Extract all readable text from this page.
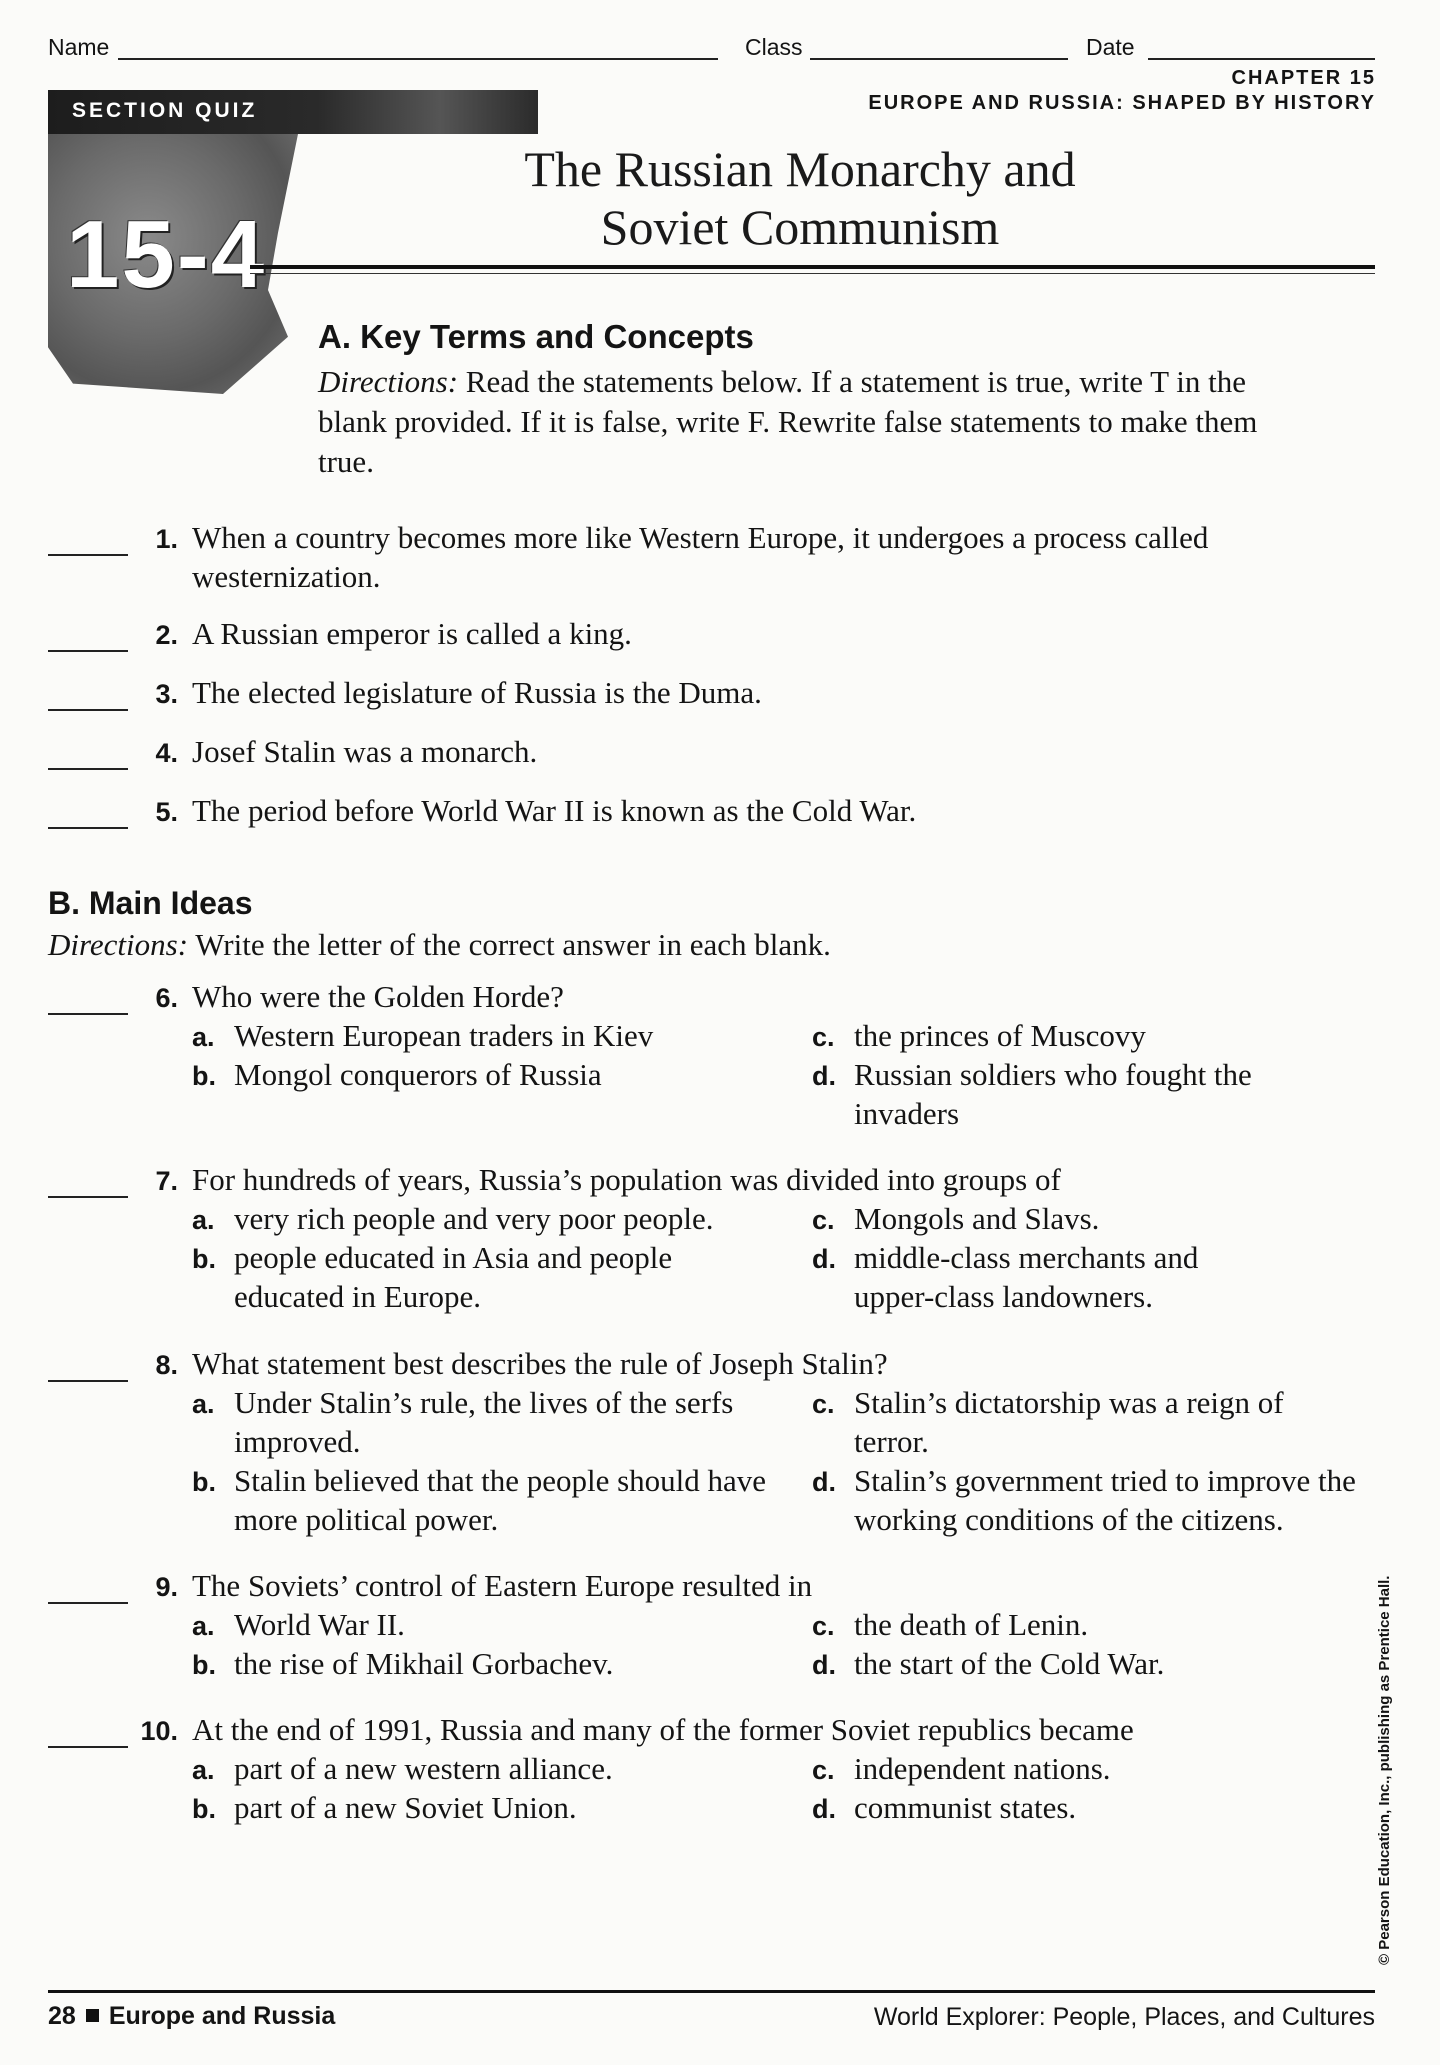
Name	Class	Date
CHAPTER 15
EUROPE AND RUSSIA: SHAPED BY HISTORY
SECTION QUIZ
15-4
The Russian Monarchy and
Soviet Communism
A. Key Terms and Concepts
Directions: Read the statements below. If a statement is true, write T in the blank provided. If it is false, write F. Rewrite false statements to make them true.
1. When a country becomes more like Western Europe, it undergoes a process called westernization.
2. A Russian emperor is called a king.
3. The elected legislature of Russia is the Duma.
4. Josef Stalin was a monarch.
5. The period before World War II is known as the Cold War.
B. Main Ideas
Directions: Write the letter of the correct answer in each blank.
6. Who were the Golden Horde?
a. Western European traders in Kiev
b. Mongol conquerors of Russia
c. the princes of Muscovy
d. Russian soldiers who fought the invaders
7. For hundreds of years, Russia’s population was divided into groups of
a. very rich people and very poor people.
b. people educated in Asia and people educated in Europe.
c. Mongols and Slavs.
d. middle-class merchants and upper-class landowners.
8. What statement best describes the rule of Joseph Stalin?
a. Under Stalin’s rule, the lives of the serfs improved.
b. Stalin believed that the people should have more political power.
c. Stalin’s dictatorship was a reign of terror.
d. Stalin’s government tried to improve the working conditions of the citizens.
9. The Soviets’ control of Eastern Europe resulted in
a. World War II.
b. the rise of Mikhail Gorbachev.
c. the death of Lenin.
d. the start of the Cold War.
10. At the end of 1991, Russia and many of the former Soviet republics became
a. part of a new western alliance.
b. part of a new Soviet Union.
c. independent nations.
d. communist states.	© Pearson Education, Inc., publishing as Prentice Hall.
28 Europe and Russia	World Explorer: People, Places, and Cultures
